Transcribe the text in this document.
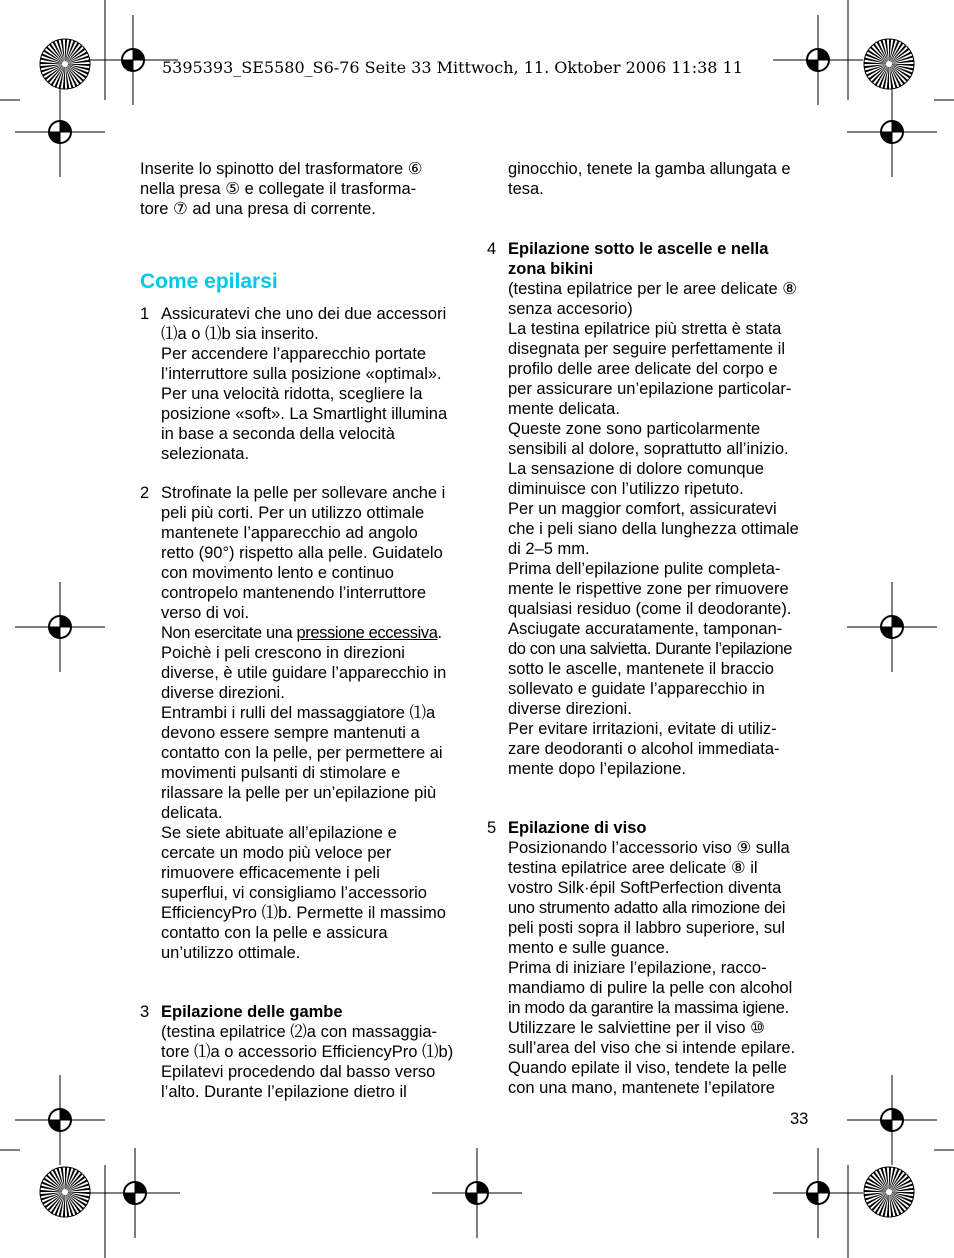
5395393_SE5580_S6-76 Seite 33 Mittwoch, 11. Oktober 2006 11:38 11

Inserite lo spinotto del trasformatore ⑥
nella presa ⑤ e collegate il trasforma-
tore ⑦ ad una presa di corrente.

Come epilarsi
1 Assicuratevi che uno dei due accessori
⑴a o ⑴b sia inserito.
Per accendere l’apparecchio portate
l’interruttore sulla posizione «optimal».
Per una velocità ridotta, scegliere la
posizione «soft». La Smartlight illumina
in base a seconda della velocità
selezionata.
2 Strofinate la pelle per sollevare anche i
peli più corti. Per un utilizzo ottimale
mantenete l’apparecchio ad angolo
retto (90°) rispetto alla pelle. Guidatelo
con movimento lento e continuo
contropelo mantenendo l’interruttore
verso di voi.
Non esercitate una pressione eccessiva.
Poichè i peli crescono in direzioni
diverse, è utile guidare l’apparecchio in
diverse direzioni.
Entrambi i rulli del massaggiatore ⑴a
devono essere sempre mantenuti a
contatto con la pelle, per permettere ai
movimenti pulsanti di stimolare e
rilassare la pelle per un’epilazione più
delicata.
Se siete abituate all’epilazione e
cercate un modo più veloce per
rimuovere efficacemente i peli
superflui, vi consigliamo l’accessorio
EfficiencyPro ⑴b. Permette il massimo
contatto con la pelle e assicura
un’utilizzo ottimale.
3 Epilazione delle gambe
(testina epilatrice ⑵a con massaggia-
tore ⑴a o accessorio EfficiencyPro ⑴b)
Epilatevi procedendo dal basso verso
l’alto. Durante l’epilazione dietro il

ginocchio, tenete la gamba allungata e
tesa.

4 Epilazione sotto le ascelle e nella
zona bikini
(testina epilatrice per le aree delicate ⑧
senza accesorio)
La testina epilatrice più stretta è stata
disegnata per seguire perfettamente il
profilo delle aree delicate del corpo e
per assicurare un’epilazione particolar-
mente delicata.
Queste zone sono particolarmente
sensibili al dolore, soprattutto all’inizio.
La sensazione di dolore comunque
diminuisce con l’utilizzo ripetuto.
Per un maggior comfort, assicuratevi
che i peli siano della lunghezza ottimale
di 2–5 mm.
Prima dell’epilazione pulite completa-
mente le rispettive zone per rimuovere
qualsiasi residuo (come il deodorante).
Asciugate accuratamente, tamponan-
do con una salvietta. Durante l’epilazione
sotto le ascelle, mantenete il braccio
sollevato e guidate l’apparecchio in
diverse direzioni.
Per evitare irritazioni, evitate di utiliz-
zare deodoranti o alcohol immediata-
mente dopo l’epilazione.
5 Epilazione di viso
Posizionando l’accessorio viso ⑨ sulla
testina epilatrice aree delicate ⑧ il
vostro Silk·épil SoftPerfection diventa
uno strumento adatto alla rimozione dei
peli posti sopra il labbro superiore, sul
mento e sulle guance.
Prima di iniziare l’epilazione, racco-
mandiamo di pulire la pelle con alcohol
in modo da garantire la massima igiene.
Utilizzare le salviettine per il viso ⑩
sull’area del viso che si intende epilare.
Quando epilate il viso, tendete la pelle
con una mano, mantenete l’epilatore
33
